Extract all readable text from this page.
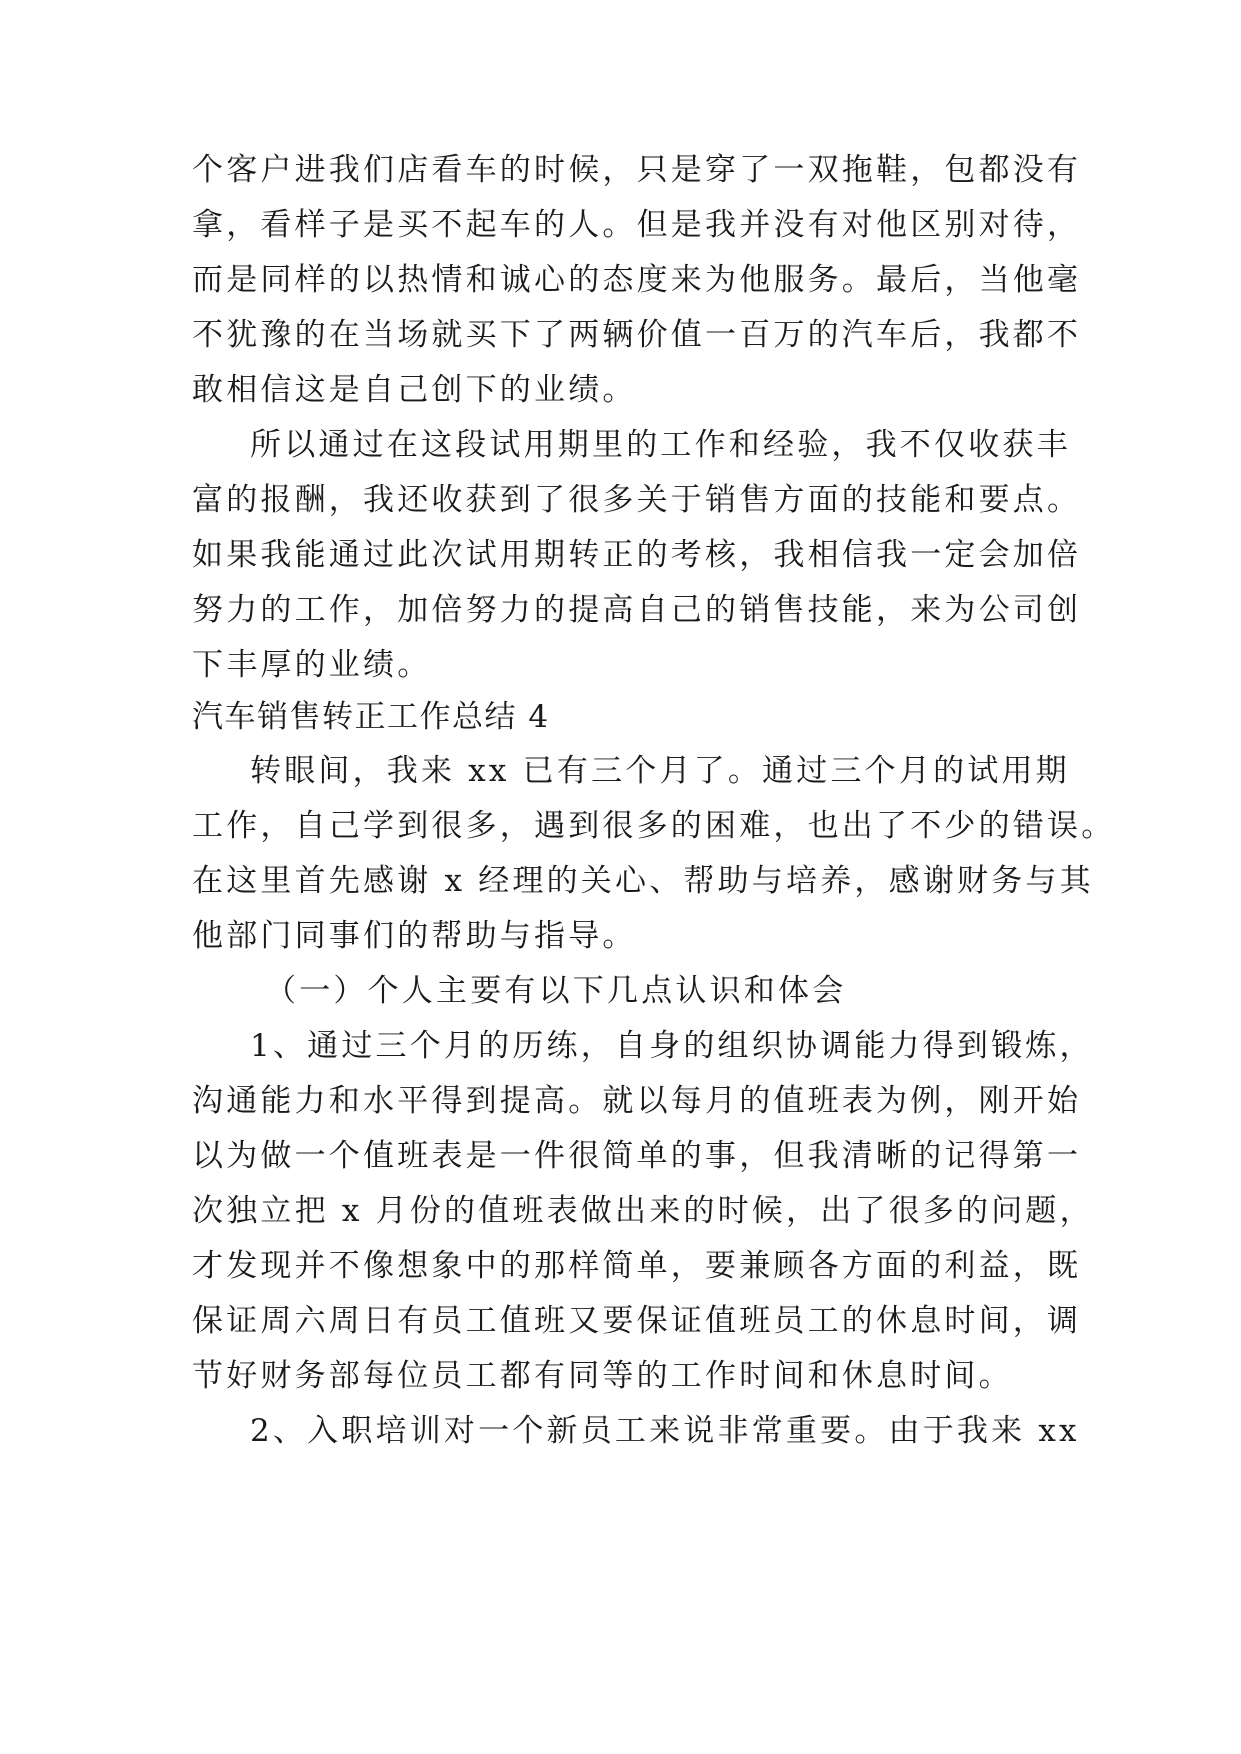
个客户进我们店看车的时候，只是穿了一双拖鞋，包都没有
拿，看样子是买不起车的人。但是我并没有对他区别对待，
而是同样的以热情和诚心的态度来为他服务。最后，当他毫
不犹豫的在当场就买下了两辆价值一百万的汽车后，我都不
敢相信这是自己创下的业绩。
所以通过在这段试用期里的工作和经验，我不仅收获丰
富的报酬，我还收获到了很多关于销售方面的技能和要点。
如果我能通过此次试用期转正的考核，我相信我一定会加倍
努力的工作，加倍努力的提高自己的销售技能，来为公司创
下丰厚的业绩。
汽车销售转正工作总结 4
转眼间，我来 xx 已有三个月了。通过三个月的试用期
工作，自己学到很多，遇到很多的困难，也出了不少的错误。
在这里首先感谢 x 经理的关心、帮助与培养，感谢财务与其
他部门同事们的帮助与指导。
（一）个人主要有以下几点认识和体会
1、通过三个月的历练，自身的组织协调能力得到锻炼，
沟通能力和水平得到提高。就以每月的值班表为例，刚开始
以为做一个值班表是一件很简单的事，但我清晰的记得第一
次独立把 x 月份的值班表做出来的时候，出了很多的问题，
才发现并不像想象中的那样简单，要兼顾各方面的利益，既
保证周六周日有员工值班又要保证值班员工的休息时间，调
节好财务部每位员工都有同等的工作时间和休息时间。
2、入职培训对一个新员工来说非常重要。由于我来 xx
